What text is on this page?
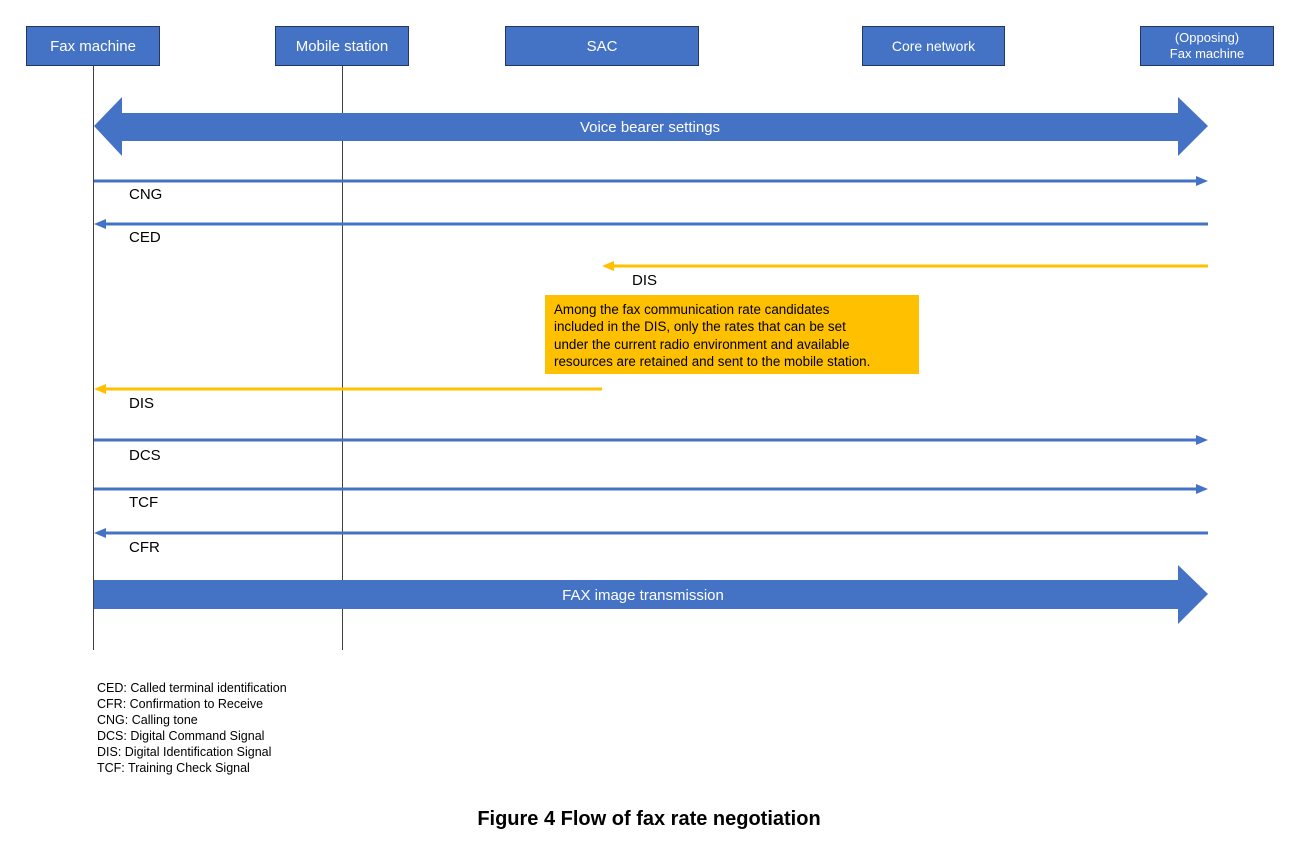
Fax machine	Mobile station	SAC	Core network
(Opposing)
Fax machine
Voice bearer settings
FAX image transmission
CNG
CED
DIS
DIS
DCS
TCF
CFR
Among the fax communication rate candidates
included in the DIS, only the rates that can be set
under the current radio environment and available
resources are retained and sent to the mobile station.
CED: Called terminal identification
CFR: Confirmation to Receive
CNG: Calling tone
DCS: Digital Command Signal
DIS: Digital Identification Signal
TCF: Training Check Signal
Figure 4 Flow of fax rate negotiation
